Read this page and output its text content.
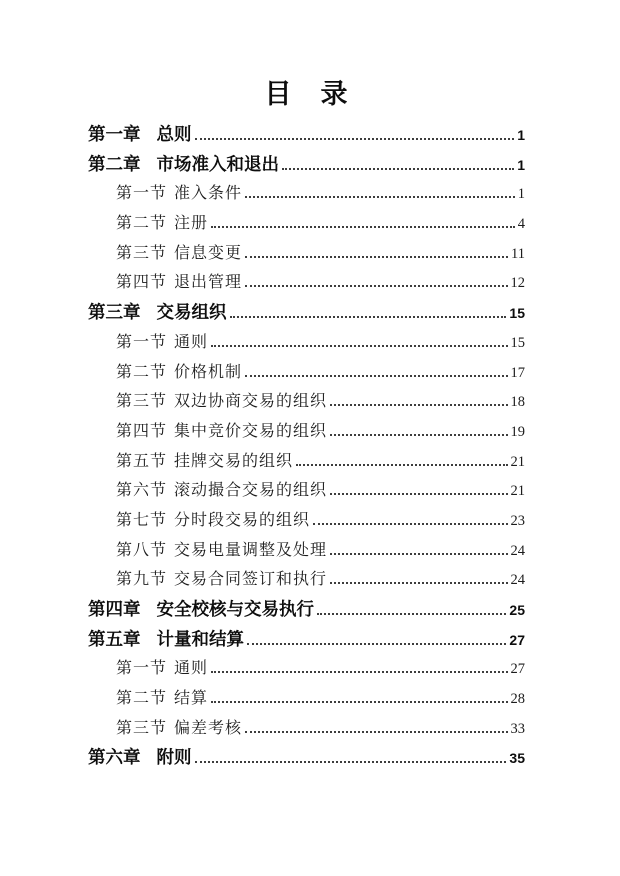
目　录
第一章 总则	1
第二章 市场准入和退出	1
第一节 准入条件	1
第二节 注册	4
第三节 信息变更	11
第四节 退出管理	12
第三章 交易组织	15
第一节 通则	15
第二节 价格机制	17
第三节 双边协商交易的组织	18
第四节 集中竞价交易的组织	19
第五节 挂牌交易的组织	21
第六节 滚动撮合交易的组织	21
第七节 分时段交易的组织	23
第八节 交易电量调整及处理	24
第九节 交易合同签订和执行	24
第四章 安全校核与交易执行	25
第五章 计量和结算	27
第一节 通则	27
第二节 结算	28
第三节 偏差考核	33
第六章 附则	35
